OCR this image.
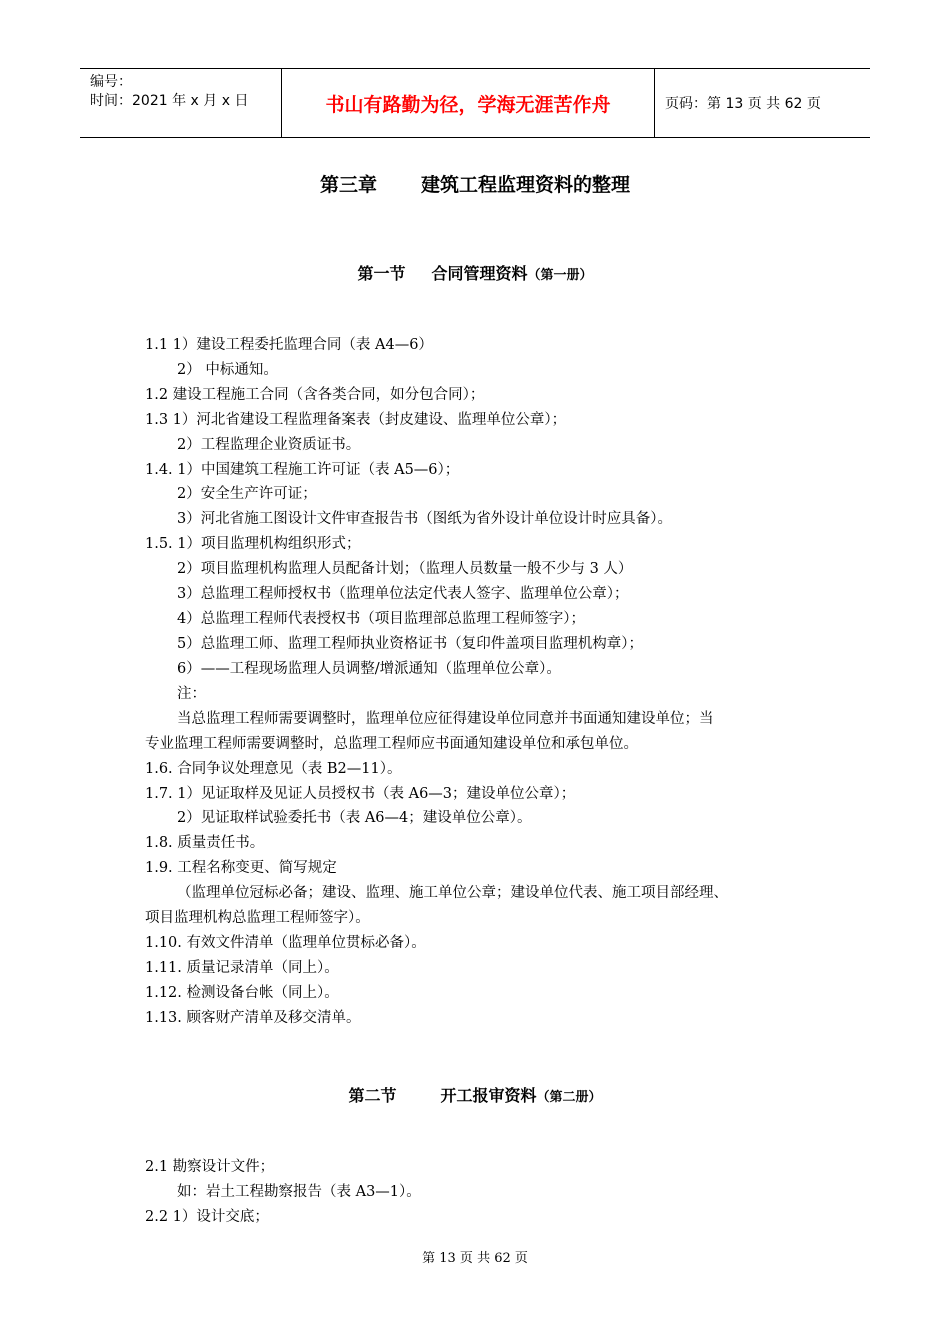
编号：
时间：2021 年 x 月 x 日	书山有路勤为径，学海无涯苦作舟	页码：第 13 页 共 62 页
第三章 建筑工程监理资料的整理
第一节 合同管理资料（第一册）
1.1 1）建设工程委托监理合同（表 A4—6）
2） 中标通知。
1.2 建设工程施工合同（含各类合同，如分包合同）；
1.3 1）河北省建设工程监理备案表（封皮建设、监理单位公章）；
2）工程监理企业资质证书。
1.4. 1）中国建筑工程施工许可证（表 A5—6）；
2）安全生产许可证；
3）河北省施工图设计文件审查报告书（图纸为省外设计单位设计时应具备）。
1.5. 1）项目监理机构组织形式；
2）项目监理机构监理人员配备计划；（监理人员数量一般不少与 3 人）
3）总监理工程师授权书（监理单位法定代表人签字、监理单位公章）；
4）总监理工程师代表授权书（项目监理部总监理工程师签字）；
5）总监理工师、监理工程师执业资格证书（复印件盖项目监理机构章）；
6）——工程现场监理人员调整/增派通知（监理单位公章）。
注：
当总监理工程师需要调整时，监理单位应征得建设单位同意并书面通知建设单位；当
专业监理工程师需要调整时，总监理工程师应书面通知建设单位和承包单位。
1.6. 合同争议处理意见（表 B2—11）。
1.7. 1）见证取样及见证人员授权书（表 A6—3；建设单位公章）；
2）见证取样试验委托书（表 A6—4；建设单位公章）。
1.8. 质量责任书。
1.9. 工程名称变更、简写规定
（监理单位冠标必备；建设、监理、施工单位公章；建设单位代表、施工项目部经理、
项目监理机构总监理工程师签字）。
1.10. 有效文件清单（监理单位贯标必备）。
1.11. 质量记录清单（同上）。
1.12. 检测设备台帐（同上）。
1.13. 顾客财产清单及移交清单。
第二节	开工报审资料（第二册）
2.1 勘察设计文件；
如：岩土工程勘察报告（表 A3—1）。
2.2 1）设计交底；
第 13 页 共 62 页
